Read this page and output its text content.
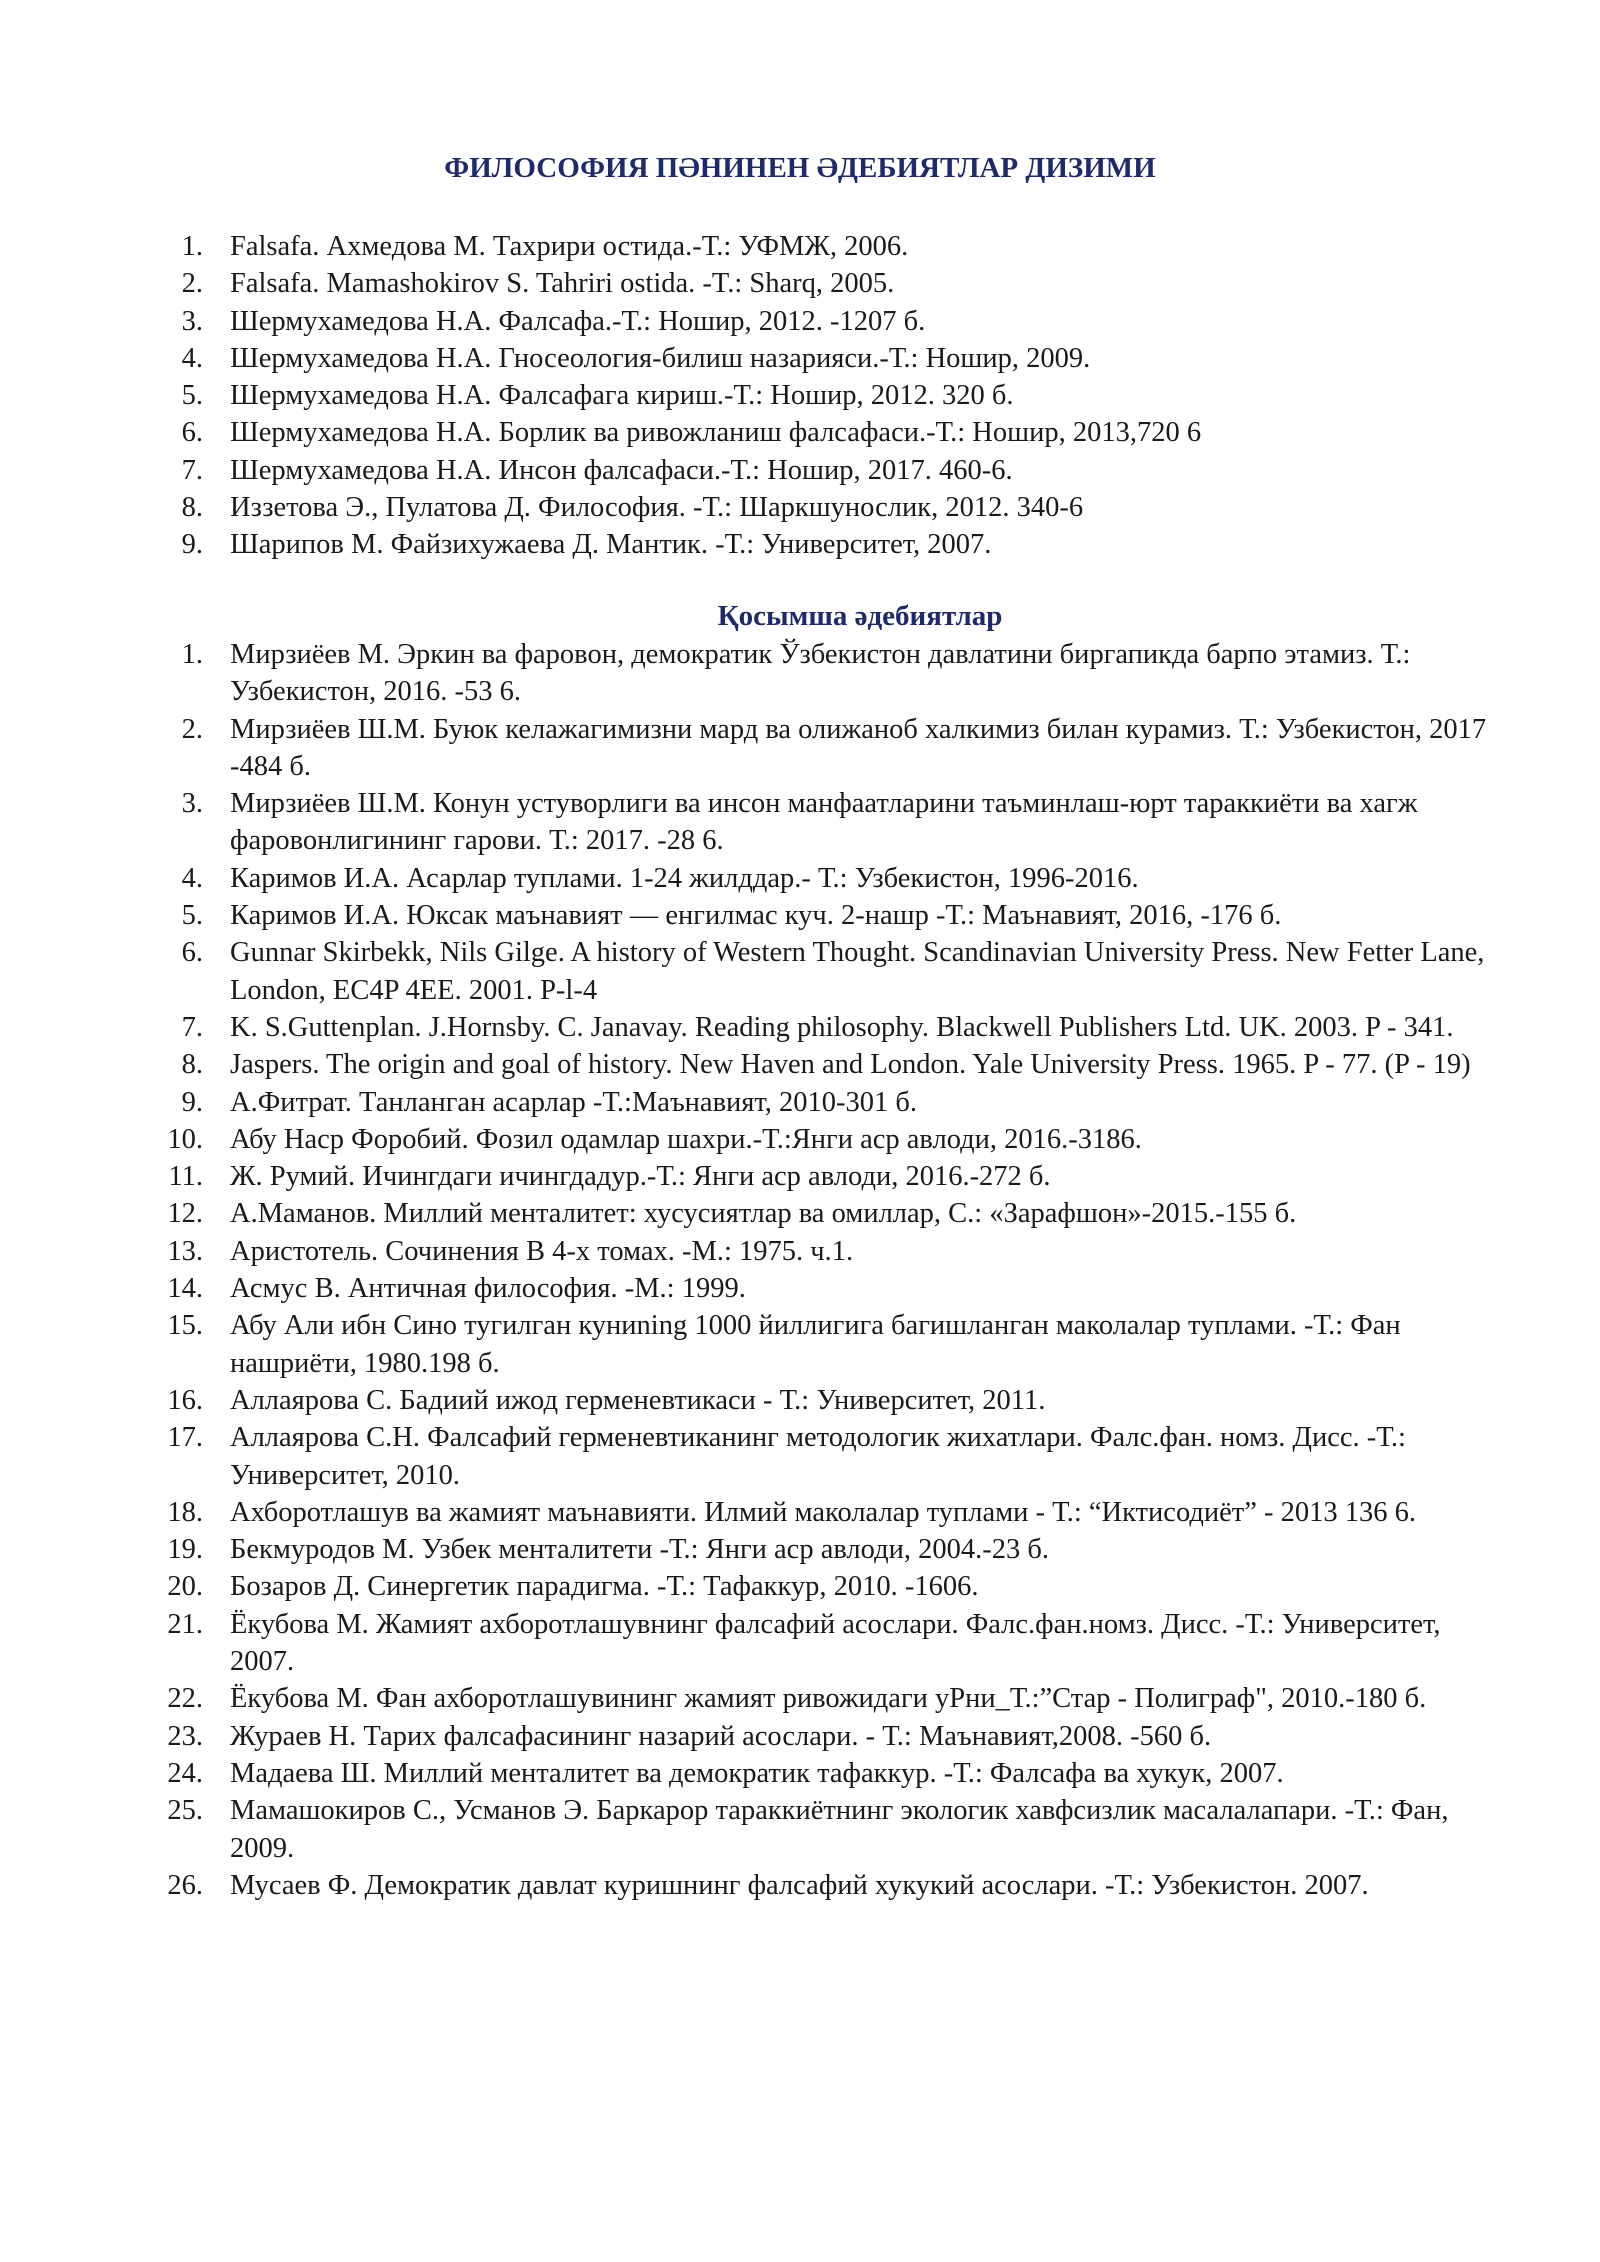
ФИЛОСОФИЯ ПӘНИНЕН ӘДЕБИЯТЛАР ДИЗИМИ
1. Falsafa. Ахмедова М. Тахрири остида.-Т.: УФМЖ, 2006.
2. Falsafa. Mamashokirov S. Tahriri ostida. -T.: Sharq, 2005.
3. Шермухамедова Н.А. Фалсафа.-Т.: Ношир, 2012. -1207 б.
4. Шермухамедова Н.А. Гносеология-билиш назарияси.-Т.: Ношир, 2009.
5. Шермухамедова Н.А. Фалсафага кириш.-Т.: Ношир, 2012. 320 б.
6. Шермухамедова Н.А. Борлик ва ривожланиш фалсафаси.-Т.: Ношир, 2013,720 6
7. Шермухамедова Н.А. Инсон фалсафаси.-Т.: Ношир, 2017. 460-6.
8. Иззетова Э., Пулатова Д. Философия. -Т.: Шаркшунослик, 2012. 340-6
9. Шарипов М. Файзихужаева Д. Мантик. -Т.: Университет, 2007.
Қосымша әдебиятлар
1. Мирзиёев М. Эркин ва фаровон, демократик Ўзбекистон давлатини биргапикда барпо этамиз. Т.: Узбекистон, 2016. -53 6.
2. Мирзиёев Ш.М. Буюк келажагимизни мард ва олижаноб халкимиз билан курамиз. Т.: Узбекистон, 2017 -484 б.
3. Мирзиёев Ш.М. Конун устуворлиги ва инсон манфаатларини таъминлаш-юрт тараккиёти ва хагж фаровонлигининг гарови. Т.: 2017. -28 6.
4. Каримов И.А. Асарлар туплами. 1-24 жилддар.- Т.: Узбекистон, 1996-2016.
5. Каримов И.А. Юксак маънавият — енгилмас куч. 2-нашр -Т.: Маънавият, 2016, -176 б.
6. Gunnar Skirbekk, Nils Gilge. A history of Western Thought. Scandinavian University Press. New Fetter Lane, London, EC4P 4EE. 2001. P-l-4
7. K. S.Guttenplan. J.Hornsby. C. Janavay. Reading philosophy. Blackwell Publishers Ltd. UK. 2003. P - 341.
8. Jaspers. The origin and goal of history. New Haven and London. Yale University Press. 1965. P - 77. (P - 19)
9. А.Фитрат. Танланган асарлар -Т.:Маънавият, 2010-301 б.
10. Абу Наср Форобий. Фозил одамлар шахри.-Т.:Янги аср авлоди, 2016.-3186.
11. Ж. Румий. Ичингдаги ичингдадур.-Т.: Янги аср авлоди, 2016.-272 б.
12. А.Маманов. Миллий менталитет: хусусиятлар ва омиллар, С.: «Зарафшон»-2015.-155 б.
13. Аристотель. Сочинения В 4-х томах. -М.: 1975. ч.1.
14. Асмус В. Античная философия. -М.: 1999.
15. Абу Али ибн Сино тугилган куниning 1000 йиллигига багишланган маколалар туплами. -Т.: Фан нашриёти, 1980.198 б.
16. Аллаярова С. Бадиий ижод герменевтикаси - Т.: Университет, 2011.
17. Аллаярова С.Н. Фалсафий герменевтиканинг методологик жихатлари. Фалс.фан. номз. Дисс. -Т.: Университет, 2010.
18. Ахборотлашув ва жамият маънавияти. Илмий маколалар туплами - Т.: “Иктисодиёт” - 2013 136 6.
19. Бекмуродов М. Узбек менталитети -Т.: Янги аср авлоди, 2004.-23 б.
20. Бозаров Д. Синергетик парадигма. -Т.: Тафаккур, 2010. -1606.
21. Ёкубова М. Жамият ахборотлашувнинг фалсафий асослари. Фалс.фан.номз. Дисс. -Т.: Университет, 2007.
22. Ёкубова М. Фан ахборотлашувининг жамият ривожидаги уРни_Т.:”Стар - Полиграф", 2010.-180 б.
23. Жураев Н. Тарих фалсафасининг назарий асослари. - Т.: Маънавият,2008. -560 б.
24. Мадаева Ш. Миллий менталитет ва демократик тафаккур. -Т.: Фалсафа ва хукук, 2007.
25. Мамашокиров С., Усманов Э. Баркарор тараккиётнинг экологик хавфсизлик масалалапари. -Т.: Фан, 2009.
26. Мусаев Ф. Демократик давлат куришнинг фалсафий хукукий асослари. -Т.: Узбекистон. 2007.
